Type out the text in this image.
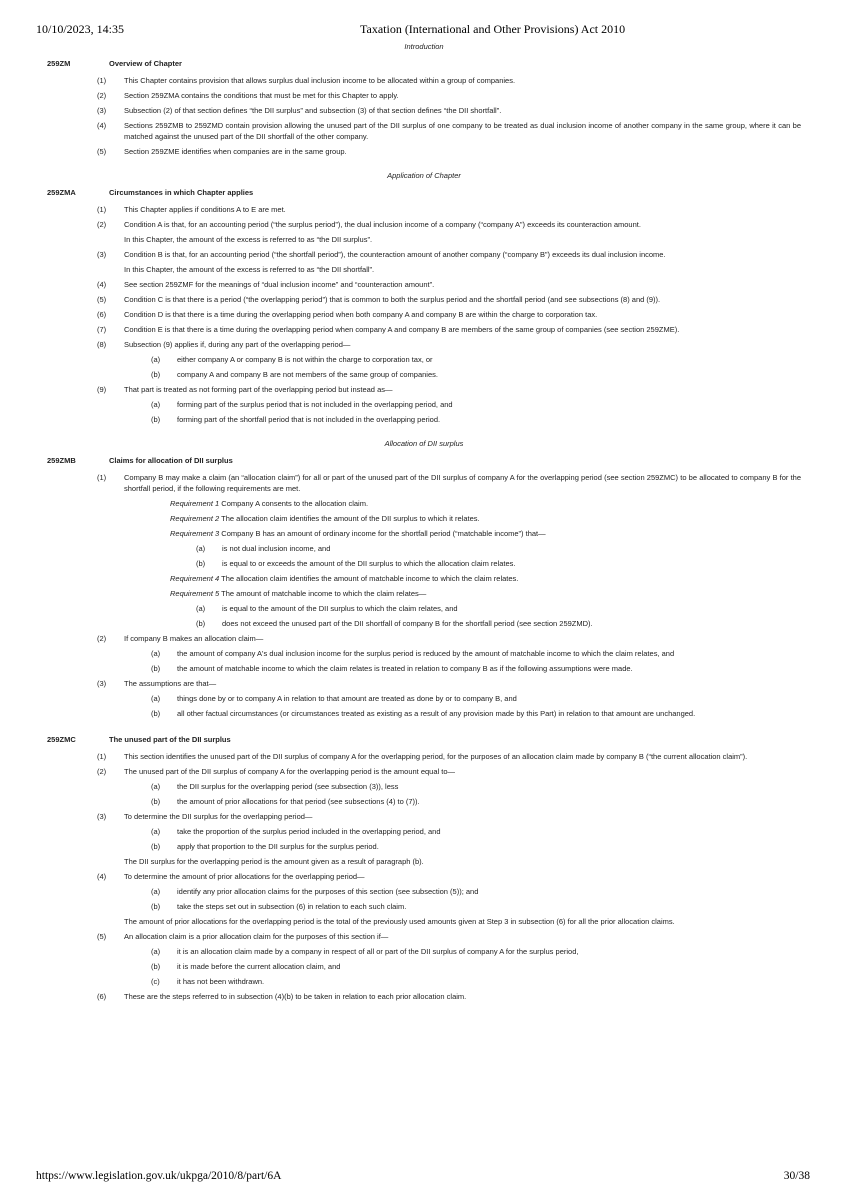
10/10/2023, 14:35	Taxation (International and Other Provisions) Act 2010
Introduction
259ZM	Overview of Chapter
(1) This Chapter contains provision that allows surplus dual inclusion income to be allocated within a group of companies.
(2) Section 259ZMA contains the conditions that must be met for this Chapter to apply.
(3) Subsection (2) of that section defines “the DII surplus” and subsection (3) of that section defines “the DII shortfall”.
(4) Sections 259ZMB to 259ZMD contain provision allowing the unused part of the DII surplus of one company to be treated as dual inclusion income of another company in the same group, where it can be matched against the unused part of the DII shortfall of the other company.
(5) Section 259ZME identifies when companies are in the same group.
Application of Chapter
259ZMA	Circumstances in which Chapter applies
(1) This Chapter applies if conditions A to E are met.
(2) Condition A is that, for an accounting period (“the surplus period”), the dual inclusion income of a company (“company A”) exceeds its counteraction amount.
In this Chapter, the amount of the excess is referred to as “the DII surplus”.
(3) Condition B is that, for an accounting period (“the shortfall period”), the counteraction amount of another company (“company B”) exceeds its dual inclusion income.
In this Chapter, the amount of the excess is referred to as “the DII shortfall”.
(4) See section 259ZMF for the meanings of “dual inclusion income” and “counteraction amount”.
(5) Condition C is that there is a period (“the overlapping period”) that is common to both the surplus period and the shortfall period (and see subsections (8) and (9)).
(6) Condition D is that there is a time during the overlapping period when both company A and company B are within the charge to corporation tax.
(7) Condition E is that there is a time during the overlapping period when company A and company B are members of the same group of companies (see section 259ZME).
(8) Subsection (9) applies if, during any part of the overlapping period—
(a) either company A or company B is not within the charge to corporation tax, or
(b) company A and company B are not members of the same group of companies.
(9) That part is treated as not forming part of the overlapping period but instead as—
(a) forming part of the surplus period that is not included in the overlapping period, and
(b) forming part of the shortfall period that is not included in the overlapping period.
Allocation of DII surplus
259ZMB	Claims for allocation of DII surplus
(1) Company B may make a claim (an “allocation claim”) for all or part of the unused part of the DII surplus of company A for the overlapping period (see section 259ZMC) to be allocated to company B for the shortfall period, if the following requirements are met.
Requirement 1 Company A consents to the allocation claim.
Requirement 2 The allocation claim identifies the amount of the DII surplus to which it relates.
Requirement 3 Company B has an amount of ordinary income for the shortfall period (“matchable income”) that—
(a) is not dual inclusion income, and
(b) is equal to or exceeds the amount of the DII surplus to which the allocation claim relates.
Requirement 4 The allocation claim identifies the amount of matchable income to which the claim relates.
Requirement 5 The amount of matchable income to which the claim relates—
(a) is equal to the amount of the DII surplus to which the claim relates, and
(b) does not exceed the unused part of the DII shortfall of company B for the shortfall period (see section 259ZMD).
(2) If company B makes an allocation claim—
(a) the amount of company A's dual inclusion income for the surplus period is reduced by the amount of matchable income to which the claim relates, and
(b) the amount of matchable income to which the claim relates is treated in relation to company B as if the following assumptions were made.
(3) The assumptions are that—
(a) things done by or to company A in relation to that amount are treated as done by or to company B, and
(b) all other factual circumstances (or circumstances treated as existing as a result of any provision made by this Part) in relation to that amount are unchanged.
259ZMC	The unused part of the DII surplus
(1) This section identifies the unused part of the DII surplus of company A for the overlapping period, for the purposes of an allocation claim made by company B (“the current allocation claim”).
(2) The unused part of the DII surplus of company A for the overlapping period is the amount equal to—
(a) the DII surplus for the overlapping period (see subsection (3)), less
(b) the amount of prior allocations for that period (see subsections (4) to (7)).
(3) To determine the DII surplus for the overlapping period—
(a) take the proportion of the surplus period included in the overlapping period, and
(b) apply that proportion to the DII surplus for the surplus period.
The DII surplus for the overlapping period is the amount given as a result of paragraph (b).
(4) To determine the amount of prior allocations for the overlapping period—
(a) identify any prior allocation claims for the purposes of this section (see subsection (5)); and
(b) take the steps set out in subsection (6) in relation to each such claim.
The amount of prior allocations for the overlapping period is the total of the previously used amounts given at Step 3 in subsection (6) for all the prior allocation claims.
(5) An allocation claim is a prior allocation claim for the purposes of this section if—
(a) it is an allocation claim made by a company in respect of all or part of the DII surplus of company A for the surplus period,
(b) it is made before the current allocation claim, and
(c) it has not been withdrawn.
(6) These are the steps referred to in subsection (4)(b) to be taken in relation to each prior allocation claim.
https://www.legislation.gov.uk/ukpga/2010/8/part/6A	30/38
